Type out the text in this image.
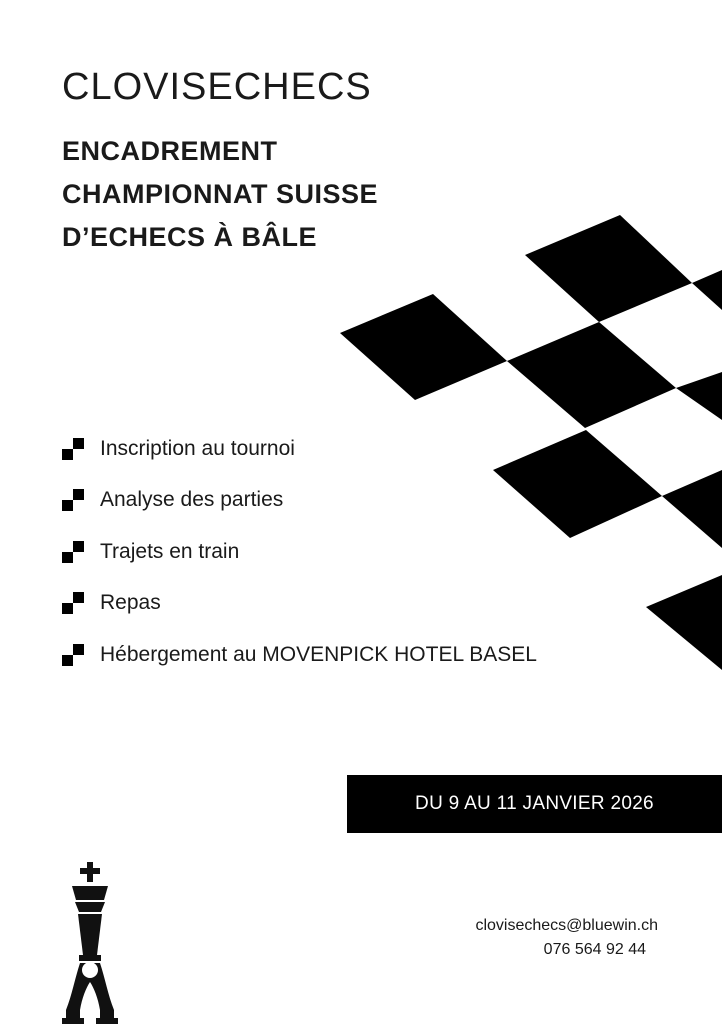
CLOVISECHECS
ENCADREMENT
CHAMPIONNAT SUISSE
D’ECHECS À BÂLE
Inscription au tournoi
Analyse des parties
Trajets en train
Repas
Hébergement au MOVENPICK HOTEL BASEL
DU 9 AU 11 JANVIER 2026
clovisechecs@bluewin.ch
076 564 92 44
